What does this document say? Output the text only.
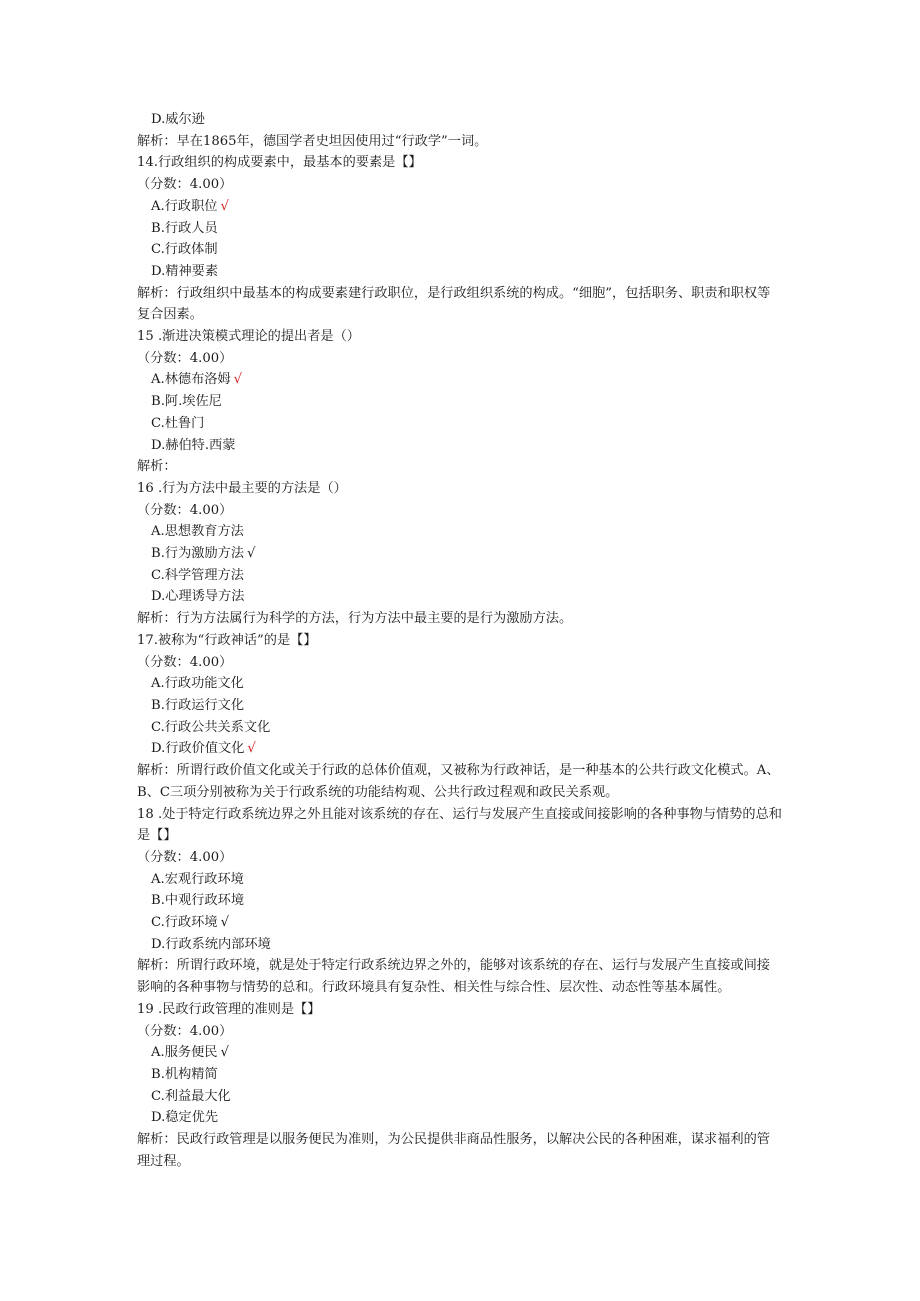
D.威尔逊
解析：早在1865年，德国学者史坦因使用过“行政学”一词。
14.行政组织的构成要素中，最基本的要素是【】
（分数：4.00）
A.行政职位 √
B.行政人员
C.行政体制
D.精神要素
解析：行政组织中最基本的构成要素建行政职位，是行政组织系统的构成。“细胞”，包括职务、职责和职权等复合因素。
15 .渐进决策模式理论的提出者是（）
（分数：4.00）
A.林德布洛姆 √
B.阿.埃佐尼
C.杜鲁门
D.赫伯特.西蒙
解析：
16 .行为方法中最主要的方法是（）
（分数：4.00）
A.思想教育方法
B.行为激励方法 √
C.科学管理方法
D.心理诱导方法
解析：行为方法属行为科学的方法，行为方法中最主要的是行为激励方法。
17.被称为“行政神话”的是【】
（分数：4.00）
A.行政功能文化
B.行政运行文化
C.行政公共关系文化
D.行政价值文化 √
解析：所谓行政价值文化或关于行政的总体价值观，又被称为行政神话，是一种基本的公共行政文化模式。A、B、C三项分别被称为关于行政系统的功能结构观、公共行政过程观和政民关系观。
18 .处于特定行政系统边界之外且能对该系统的存在、运行与发展产生直接或间接影响的各种事物与情势的总和是【】
（分数：4.00）
A.宏观行政环境
B.中观行政环境
C.行政环境 √
D.行政系统内部环境
解析：所谓行政环境，就是处于特定行政系统边界之外的，能够对该系统的存在、运行与发展产生直接或间接影响的各种事物与情势的总和。行政环境具有复杂性、相关性与综合性、层次性、动态性等基本属性。
19 .民政行政管理的准则是【】
（分数：4.00）
A.服务便民 √
B.机构精简
C.利益最大化
D.稳定优先
解析：民政行政管理是以服务便民为准则，为公民提供非商品性服务，以解决公民的各种困难，谋求福利的管理过程。
